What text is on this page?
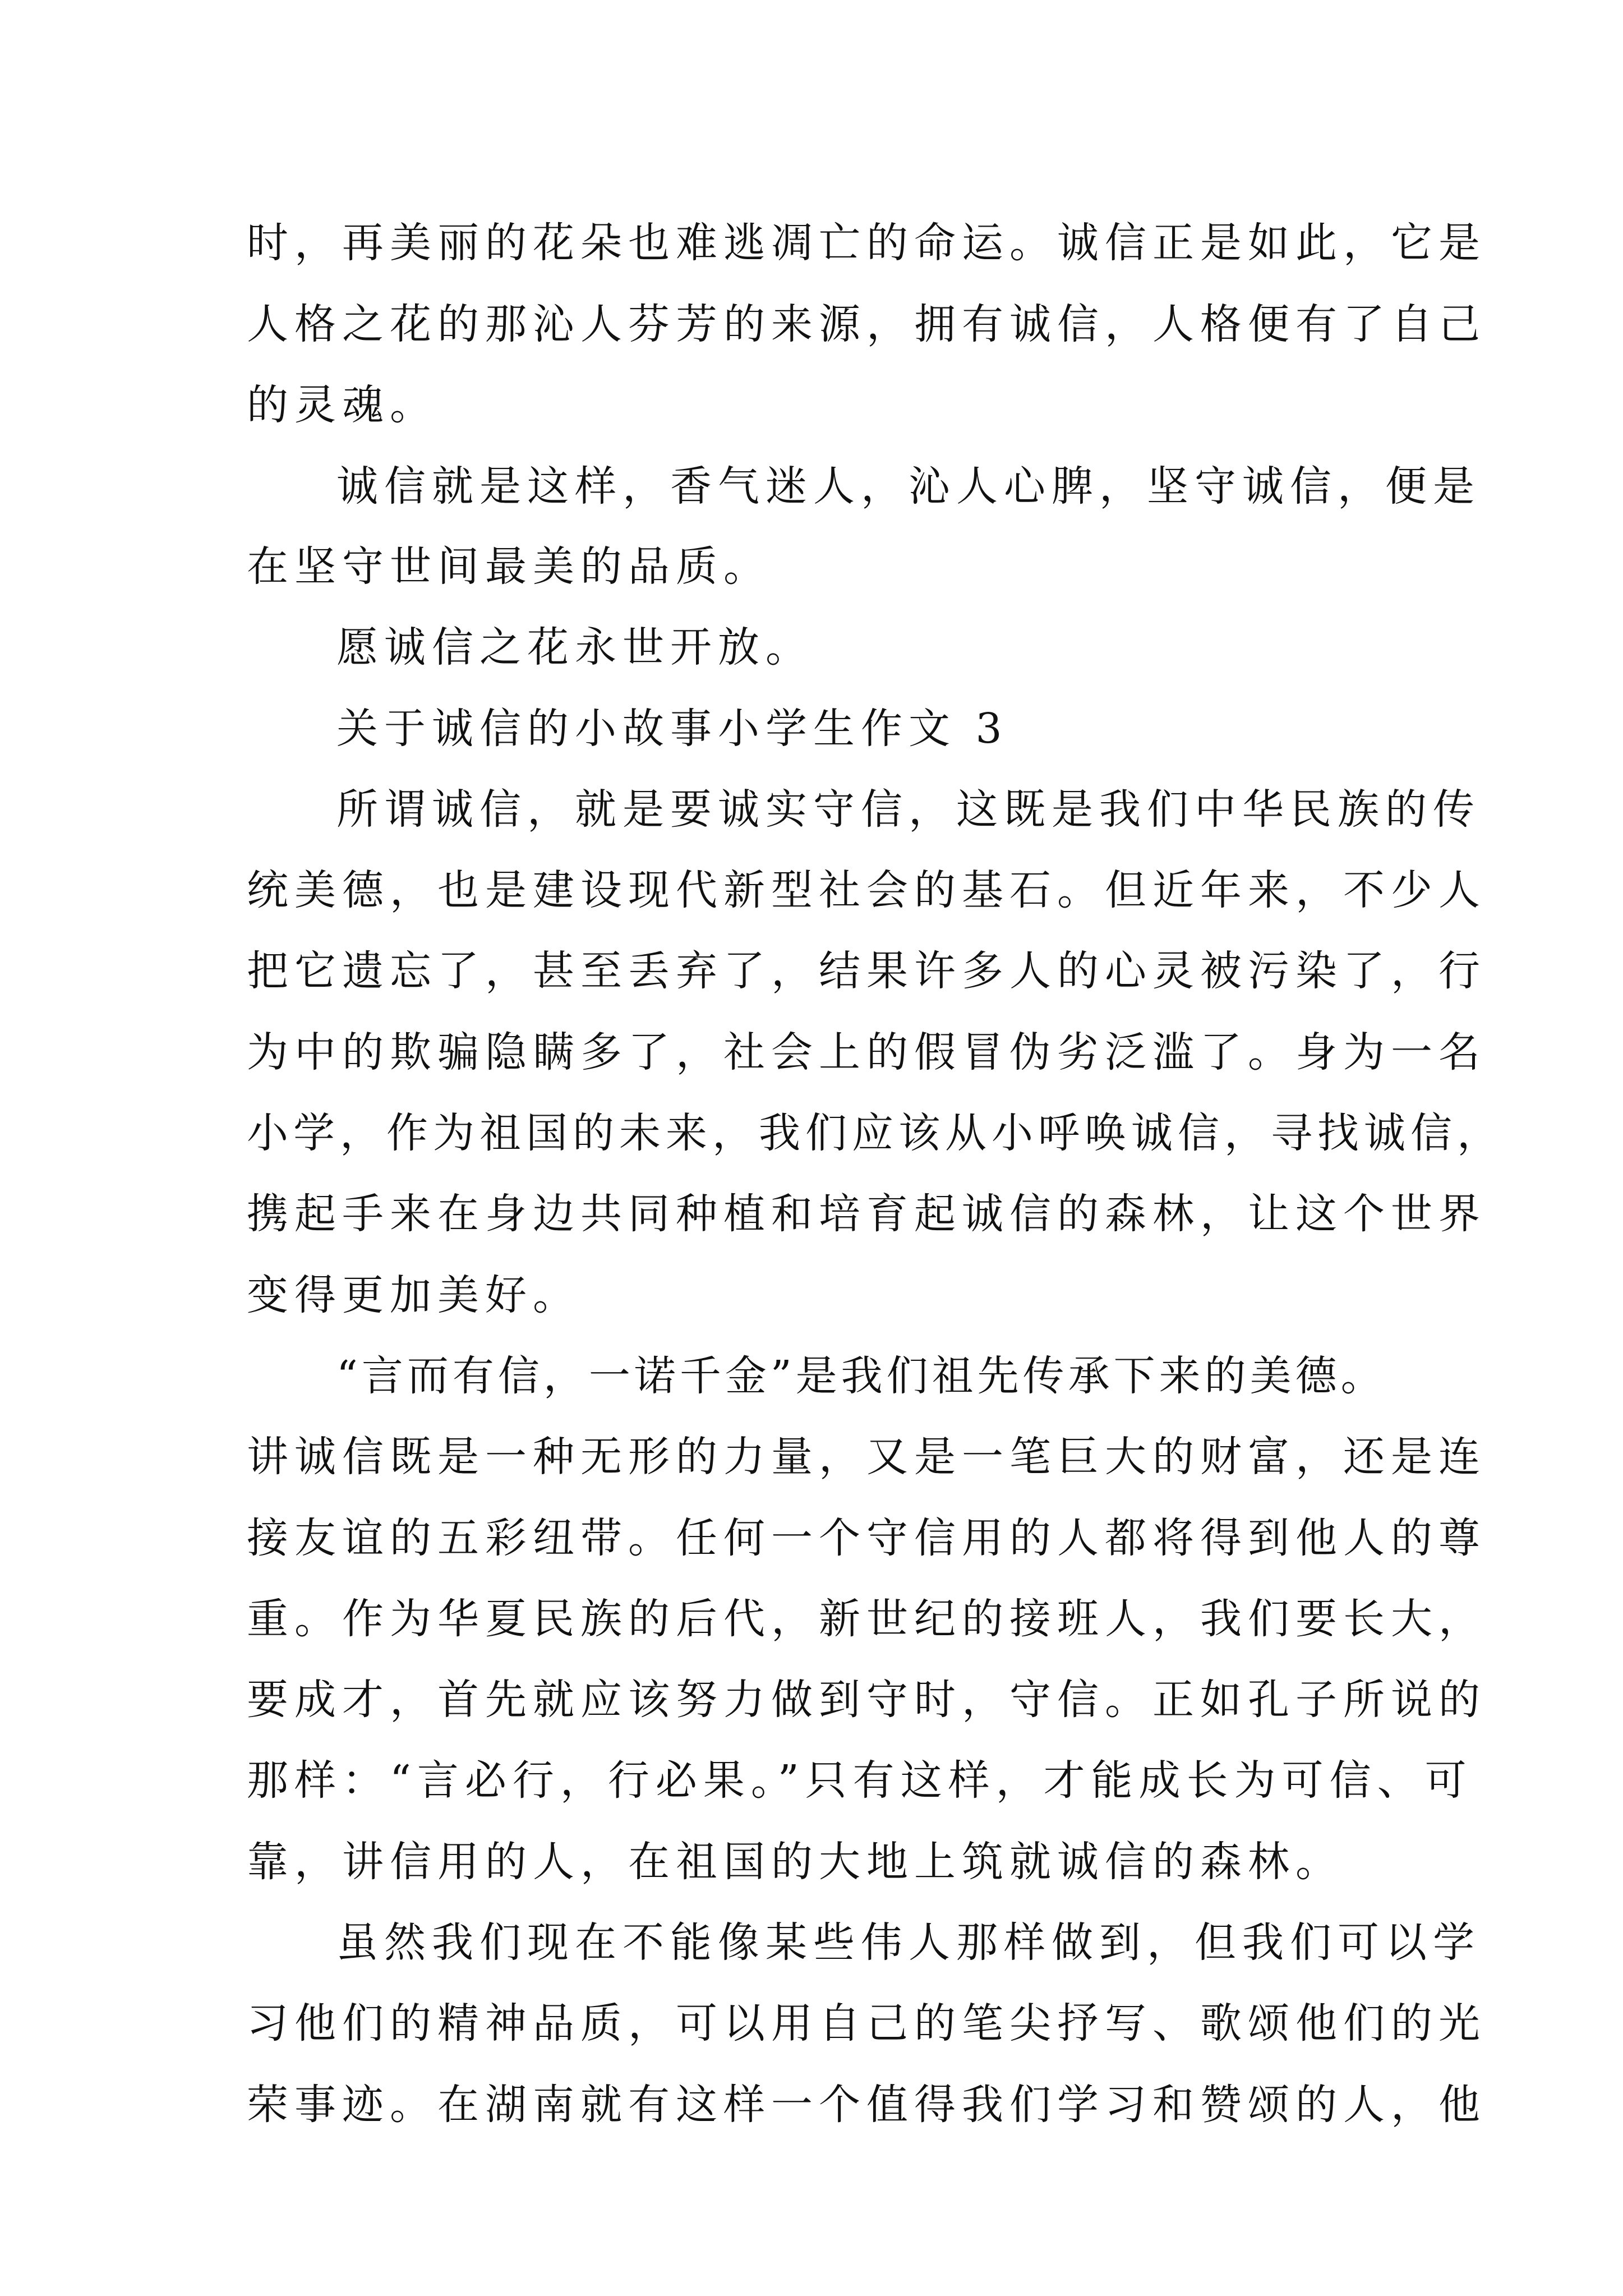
时，再美丽的花朵也难逃凋亡的命运。诚信正是如此，它是
人格之花的那沁人芬芳的来源，拥有诚信，人格便有了自己
的灵魂。
诚信就是这样，香气迷人，沁人心脾，坚守诚信，便是
在坚守世间最美的品质。
愿诚信之花永世开放。
关于诚信的小故事小学生作文 3
所谓诚信，就是要诚实守信，这既是我们中华民族的传
统美德，也是建设现代新型社会的基石。但近年来，不少人
把它遗忘了，甚至丢弃了，结果许多人的心灵被污染了，行
为中的欺骗隐瞒多了，社会上的假冒伪劣泛滥了。身为一名
小学，作为祖国的未来，我们应该从小呼唤诚信，寻找诚信，
携起手来在身边共同种植和培育起诚信的森林，让这个世界
变得更加美好。
“言而有信，一诺千金”是我们祖先传承下来的美德。
讲诚信既是一种无形的力量，又是一笔巨大的财富，还是连
接友谊的五彩纽带。任何一个守信用的人都将得到他人的尊
重。作为华夏民族的后代，新世纪的接班人，我们要长大，
要成才，首先就应该努力做到守时，守信。正如孔子所说的
那样：“言必行，行必果。”只有这样，才能成长为可信、可
靠，讲信用的人，在祖国的大地上筑就诚信的森林。
虽然我们现在不能像某些伟人那样做到，但我们可以学
习他们的精神品质，可以用自己的笔尖抒写、歌颂他们的光
荣事迹。在湖南就有这样一个值得我们学习和赞颂的人，他
